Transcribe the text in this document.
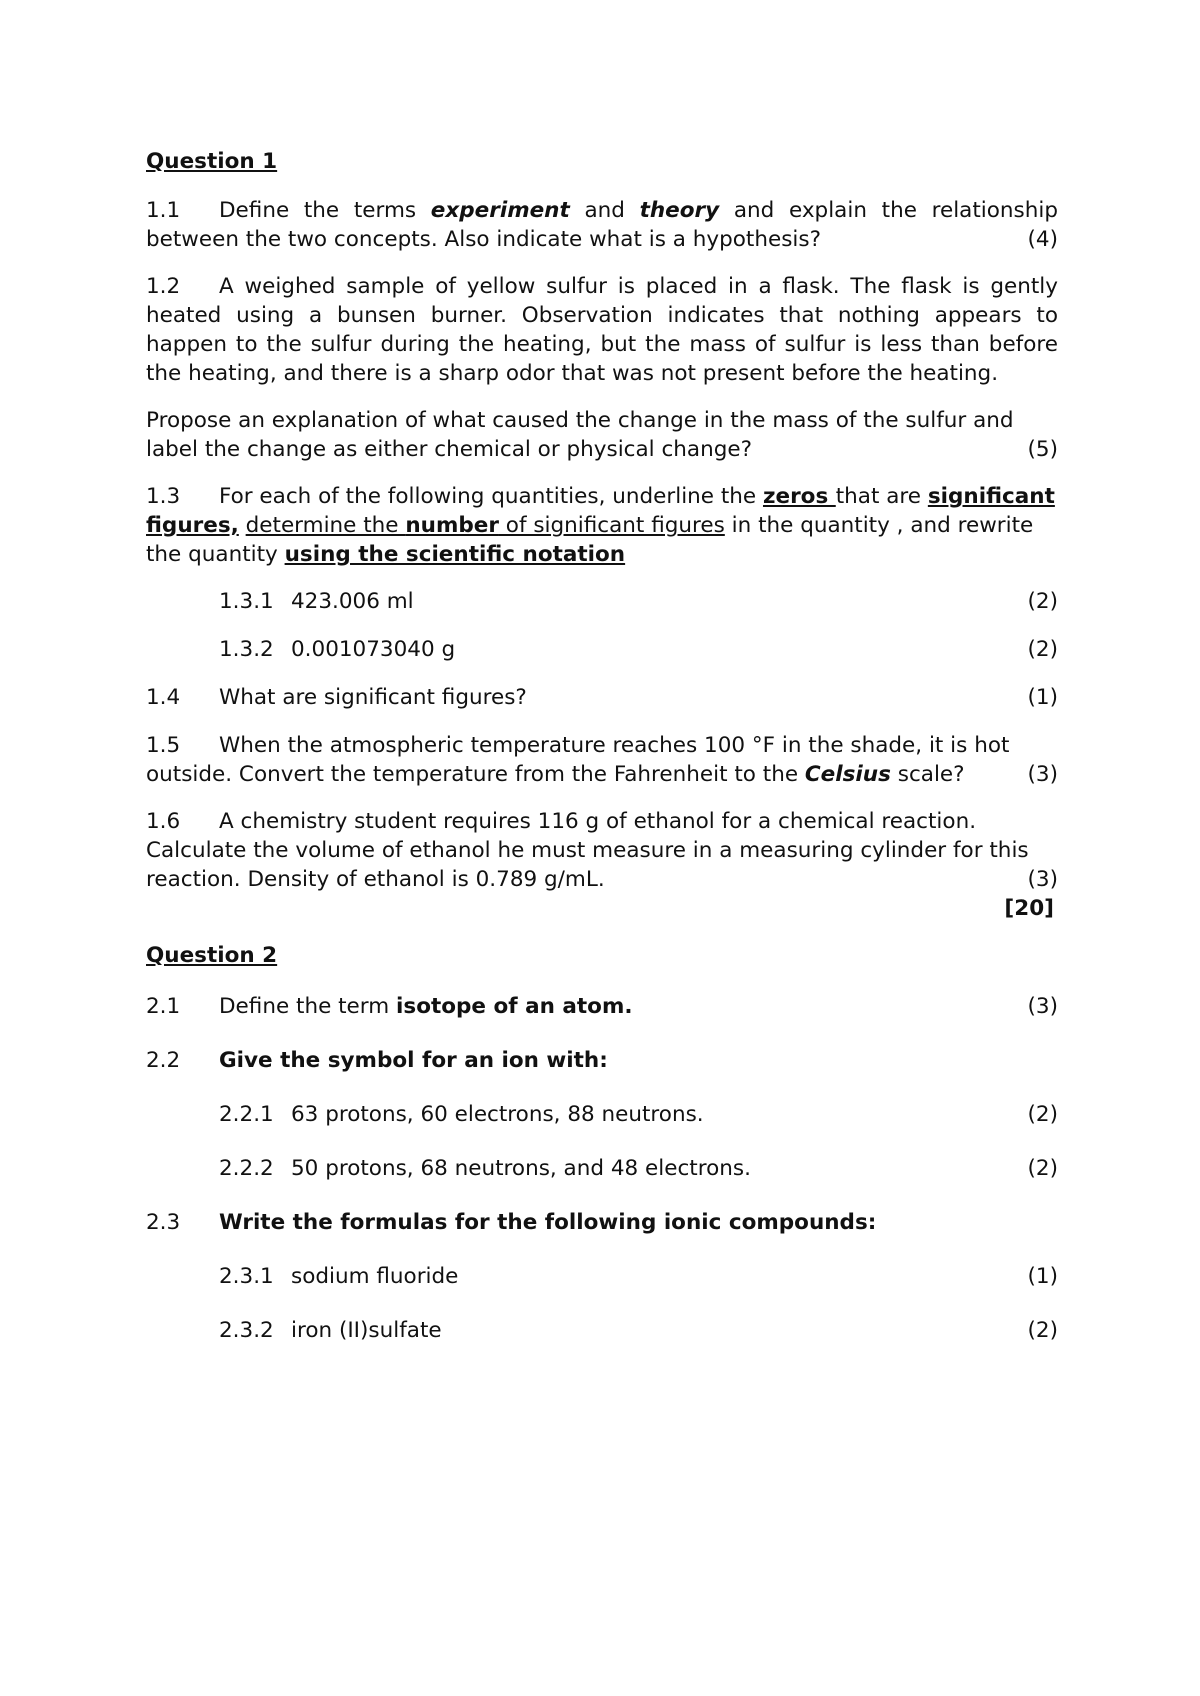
Question 1
1.1 Define the terms experiment and theory and explain the relationship between the two concepts. Also indicate what is a hypothesis?	(4)
1.2 A weighed sample of yellow sulfur is placed in a flask. The flask is gently heated using a bunsen burner. Observation indicates that nothing appears to happen to the sulfur during the heating, but the mass of sulfur is less than before the heating, and there is a sharp odor that was not present before the heating.
Propose an explanation of what caused the change in the mass of the sulfur and label the change as either chemical or physical change?	(5)
1.3 For each of the following quantities, underline the zeros that are significant figures, determine the number of significant figures in the quantity , and rewrite the quantity using the scientific notation
1.3.1 423.006 ml	(2)
1.3.2 0.001073040 g	(2)
1.4	What are significant figures?	(1)
1.5 When the atmospheric temperature reaches 100 °F in the shade, it is hot outside. Convert the temperature from the Fahrenheit to the Celsius scale?	(3)
1.6 A chemistry student requires 116 g of ethanol for a chemical reaction. Calculate the volume of ethanol he must measure in a measuring cylinder for this reaction. Density of ethanol is 0.789 g/mL.	(3)
[20]
Question 2
2.1	Define the term isotope of an atom.	(3)
2.2	Give the symbol for an ion with:
2.2.1 63 protons, 60 electrons, 88 neutrons.	(2)
2.2.2 50 protons, 68 neutrons, and 48 electrons.	(2)
2.3	Write the formulas for the following ionic compounds:
2.3.1 sodium fluoride	(1)
2.3.2 iron (II)sulfate	(2)
